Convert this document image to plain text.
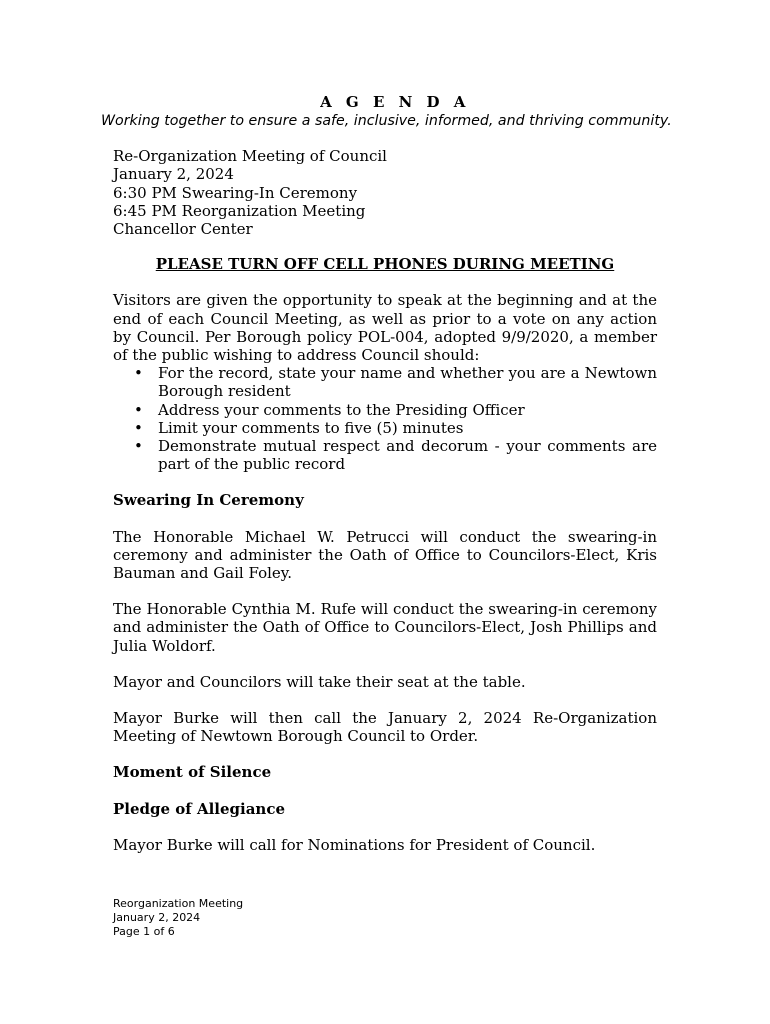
A G E N D A
Working together to ensure a safe, inclusive, informed, and thriving community.
Re-Organization Meeting of Council
January 2, 2024
6:30 PM Swearing-In Ceremony
6:45 PM Reorganization Meeting
Chancellor Center
PLEASE TURN OFF CELL PHONES DURING MEETING
Visitors are given the opportunity to speak at the beginning and at the end of each Council Meeting, as well as prior to a vote on any action by Council. Per Borough policy POL-004, adopted 9/9/2020, a member of the public wishing to address Council should:
• For the record, state your name and whether you are a Newtown Borough resident
• Address your comments to the Presiding Officer
• Limit your comments to five (5) minutes
• Demonstrate mutual respect and decorum - your comments are part of the public record
Swearing In Ceremony
The Honorable Michael W. Petrucci will conduct the swearing-in ceremony and administer the Oath of Office to Councilors-Elect, Kris Bauman and Gail Foley.
The Honorable Cynthia M. Rufe will conduct the swearing-in ceremony and administer the Oath of Office to Councilors-Elect, Josh Phillips and Julia Woldorf.
Mayor and Councilors will take their seat at the table.
Mayor Burke will then call the January 2, 2024 Re-Organization Meeting of Newtown Borough Council to Order.
Moment of Silence
Pledge of Allegiance
Mayor Burke will call for Nominations for President of Council.
Reorganization Meeting
January 2, 2024
Page 1 of 6
